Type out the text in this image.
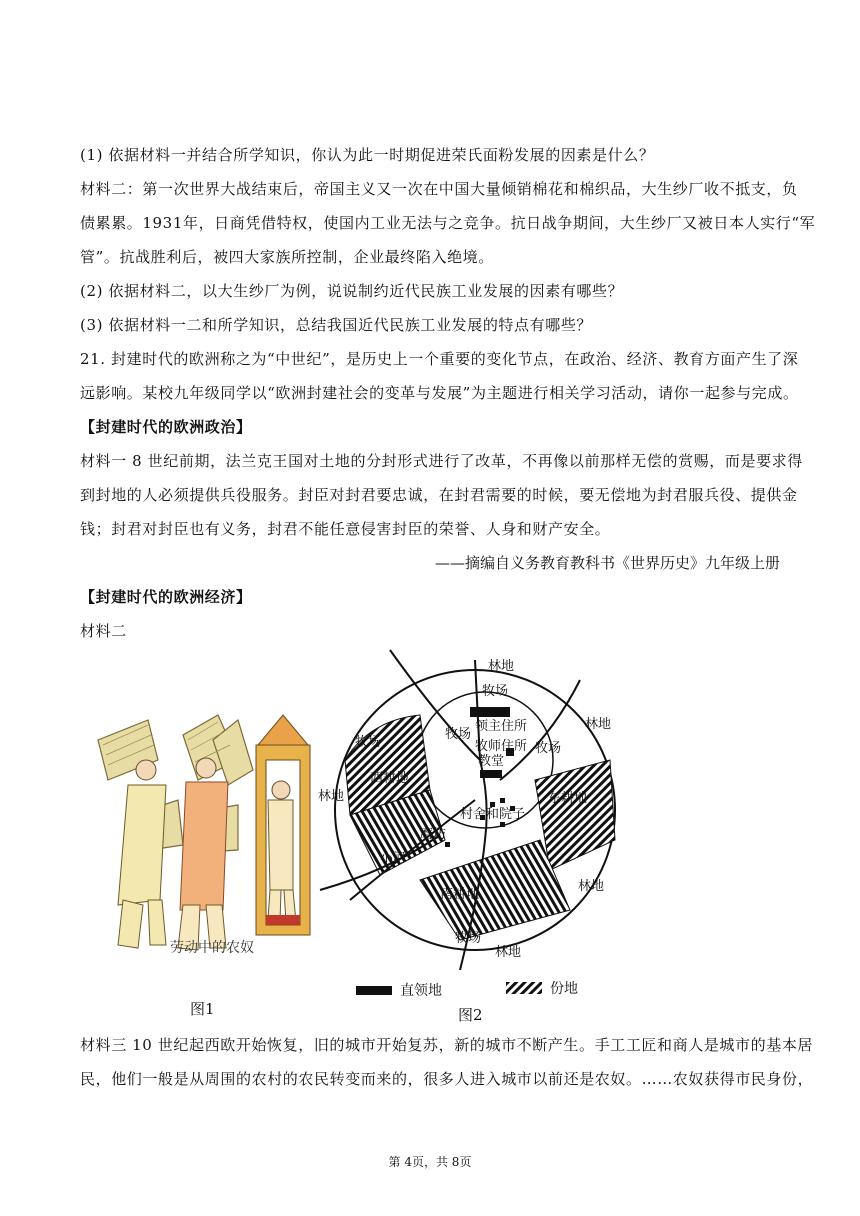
(1) 依据材料一并结合所学知识，你认为此一时期促进荣氏面粉发展的因素是什么？
材料二：第一次世界大战结束后，帝国主义又一次在中国大量倾销棉花和棉织品，大生纱厂收不抵支，负
债累累。1931年，日商凭借特权，使国内工业无法与之竞争。抗日战争期间，大生纱厂又被日本人实行“军
管”。抗战胜利后，被四大家族所控制，企业最终陷入绝境。
(2) 依据材料二，以大生纱厂为例，说说制约近代民族工业发展的因素有哪些？
(3) 依据材料一二和所学知识，总结我国近代民族工业发展的特点有哪些？
21. 封建时代的欧洲称之为“中世纪”，是历史上一个重要的变化节点，在政治、经济、教育方面产生了深
远影响。某校九年级同学以“欧洲封建社会的变革与发展”为主题进行相关学习活动，请你一起参与完成。
【封建时代的欧洲政治】
材料一 8 世纪前期，法兰克王国对土地的分封形式进行了改革，不再像以前那样无偿的赏赐，而是要求得
到封地的人必须提供兵役服务。封臣对封君要忠诚，在封君需要的时候，要无偿地为封君服兵役、提供金
钱；封君对封臣也有义务，封君不能任意侵害封臣的荣誉、人身和财产安全。
——摘编自义务教育教科书《世界历史》九年级上册
【封建时代的欧洲经济】
材料二
劳动中的农奴
图1
林地
牧场
领主住所
牧师住所
教堂
牧场
牧场
牧场
林地
西耕地
东耕地
林地
村舍和院子
磨坊
小河
南耕地
林地
牧场
林地
直领地	份地
图2
材料三 10 世纪起西欧开始恢复，旧的城市开始复苏，新的城市不断产生。手工工匠和商人是城市的基本居
民，他们一般是从周围的农村的农民转变而来的，很多人进入城市以前还是农奴。……农奴获得市民身份，
第 4页，共 8页
